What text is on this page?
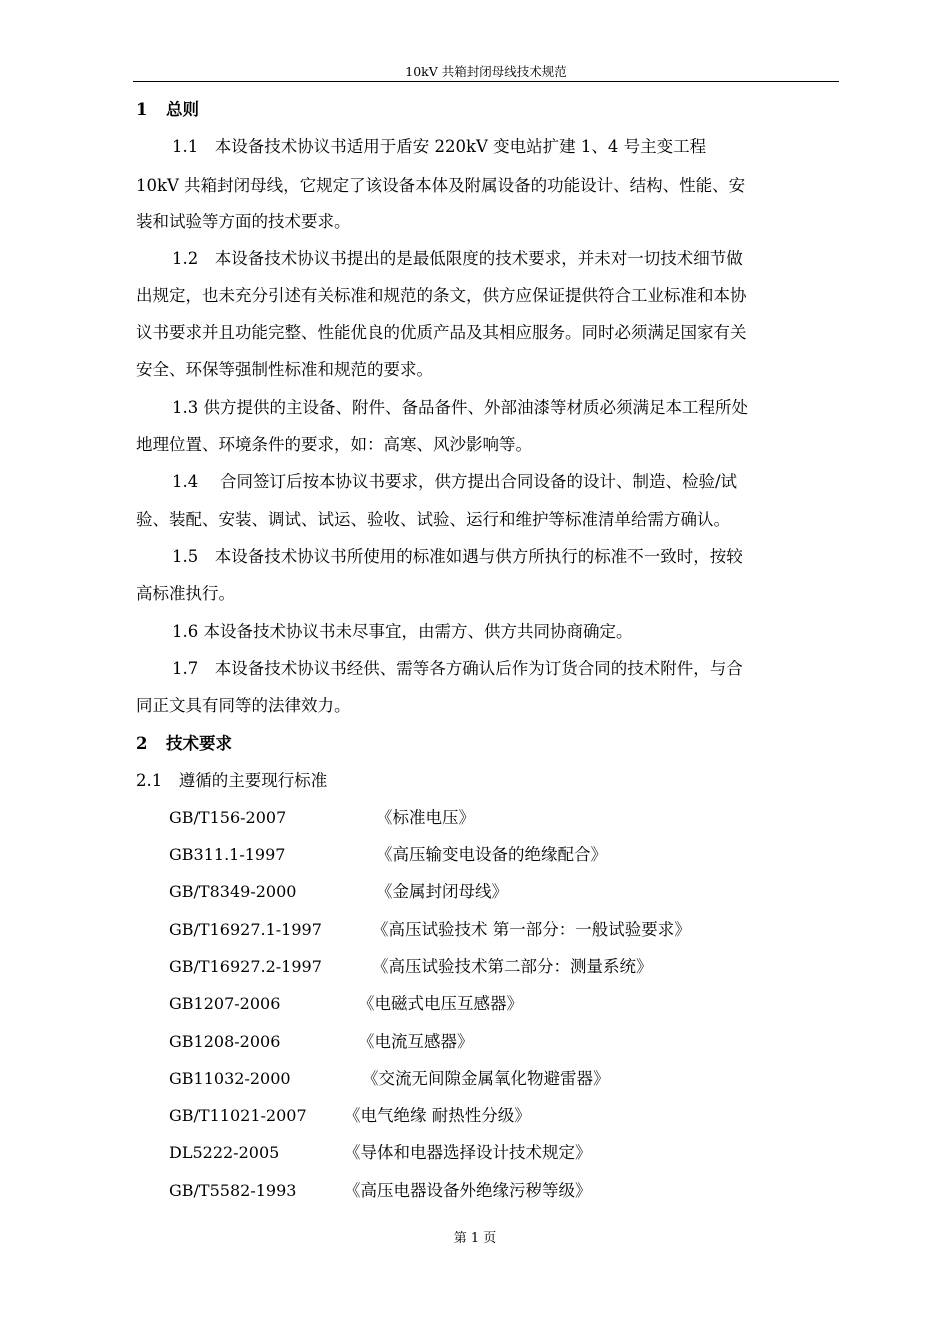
10kV 共箱封闭母线技术规范
1 总则
1.1　本设备技术协议书适用于盾安 220kV 变电站扩建 1、4 号主变工程
10kV 共箱封闭母线，它规定了该设备本体及附属设备的功能设计、结构、性能、安
装和试验等方面的技术要求。
1.2　本设备技术协议书提出的是最低限度的技术要求，并未对一切技术细节做
出规定，也未充分引述有关标准和规范的条文，供方应保证提供符合工业标准和本协
议书要求并且功能完整、性能优良的优质产品及其相应服务。同时必须满足国家有关
安全、环保等强制性标准和规范的要求。
1.3 供方提供的主设备、附件、备品备件、外部油漆等材质必须满足本工程所处
地理位置、环境条件的要求，如：高寒、风沙影响等。
1.4　 合同签订后按本协议书要求，供方提出合同设备的设计、制造、检验/试
验、装配、安装、调试、试运、验收、试验、运行和维护等标准清单给需方确认。
1.5　本设备技术协议书所使用的标准如遇与供方所执行的标准不一致时，按较
高标准执行。
1.6 本设备技术协议书未尽事宜，由需方、供方共同协商确定。
1.7　本设备技术协议书经供、需等各方确认后作为订货合同的技术附件，与合
同正文具有同等的法律效力。
2 技术要求
2.1　遵循的主要现行标准
GB/T156-2007	《标准电压》
GB311.1-1997	《高压输变电设备的绝缘配合》
GB/T8349-2000	《金属封闭母线》
GB/T16927.1-1997	《高压试验技术 第一部分：一般试验要求》
GB/T16927.2-1997	《高压试验技术第二部分：测量系统》
GB1207-2006	《电磁式电压互感器》
GB1208-2006	《电流互感器》
GB11032-2000	《交流无间隙金属氧化物避雷器》
GB/T11021-2007 《电气绝缘 耐热性分级》
DL5222-2005	《导体和电器选择设计技术规定》
GB/T5582-1993	《高压电器设备外绝缘污秽等级》
第 1 页
